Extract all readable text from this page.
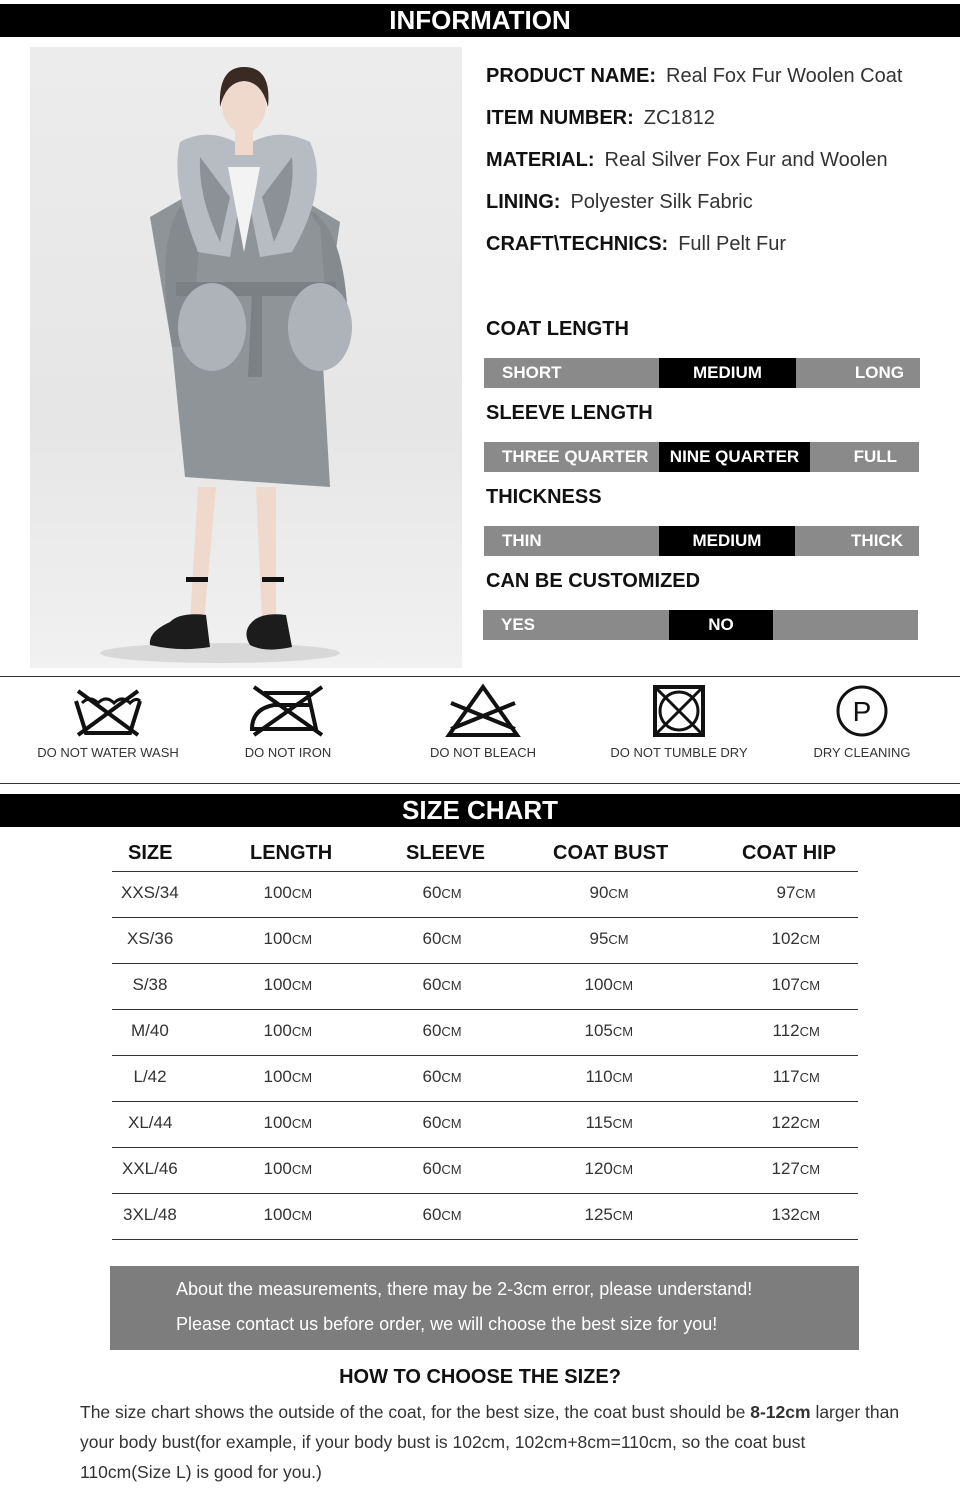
INFORMATION
PRODUCT NAME: Real Fox Fur Woolen Coat
ITEM NUMBER: ZC1812
MATERIAL: Real Silver Fox Fur and Woolen
LINING: Polyester Silk Fabric
CRAFT\TECHNICS: Full Pelt Fur
COAT LENGTH
SHORT	MEDIUM	LONG
SLEEVE LENGTH
THREE QUARTER	NINE QUARTER	FULL
THICKNESS
THIN	MEDIUM	THICK
CAN BE CUSTOMIZED
YES	NO
DO NOT WATER WASH	DO NOT IRON	DO NOT BLEACH	DO NOT TUMBLE DRY
P
DRY CLEANING
SIZE CHART
SIZE	LENGTH	SLEEVE	COAT BUST	COAT HIP
XXS/34	100CM	60CM	90CM	97CM
XS/36	100CM	60CM	95CM	102CM
S/38	100CM	60CM	100CM	107CM
M/40	100CM	60CM	105CM	112CM
L/42	100CM	60CM	110CM	117CM
XL/44	100CM	60CM	115CM	122CM
XXL/46	100CM	60CM	120CM	127CM
3XL/48	100CM	60CM	125CM	132CM
About the measurements, there may be 2-3cm error, please understand!
Please contact us before order, we will choose the best size for you!
HOW TO CHOOSE THE SIZE?
The size chart shows the outside of the coat, for the best size, the coat bust should be 8-12cm larger than your body bust(for example, if your body bust is 102cm, 102cm+8cm=110cm, so the coat bust 110cm(Size L) is good for you.)
